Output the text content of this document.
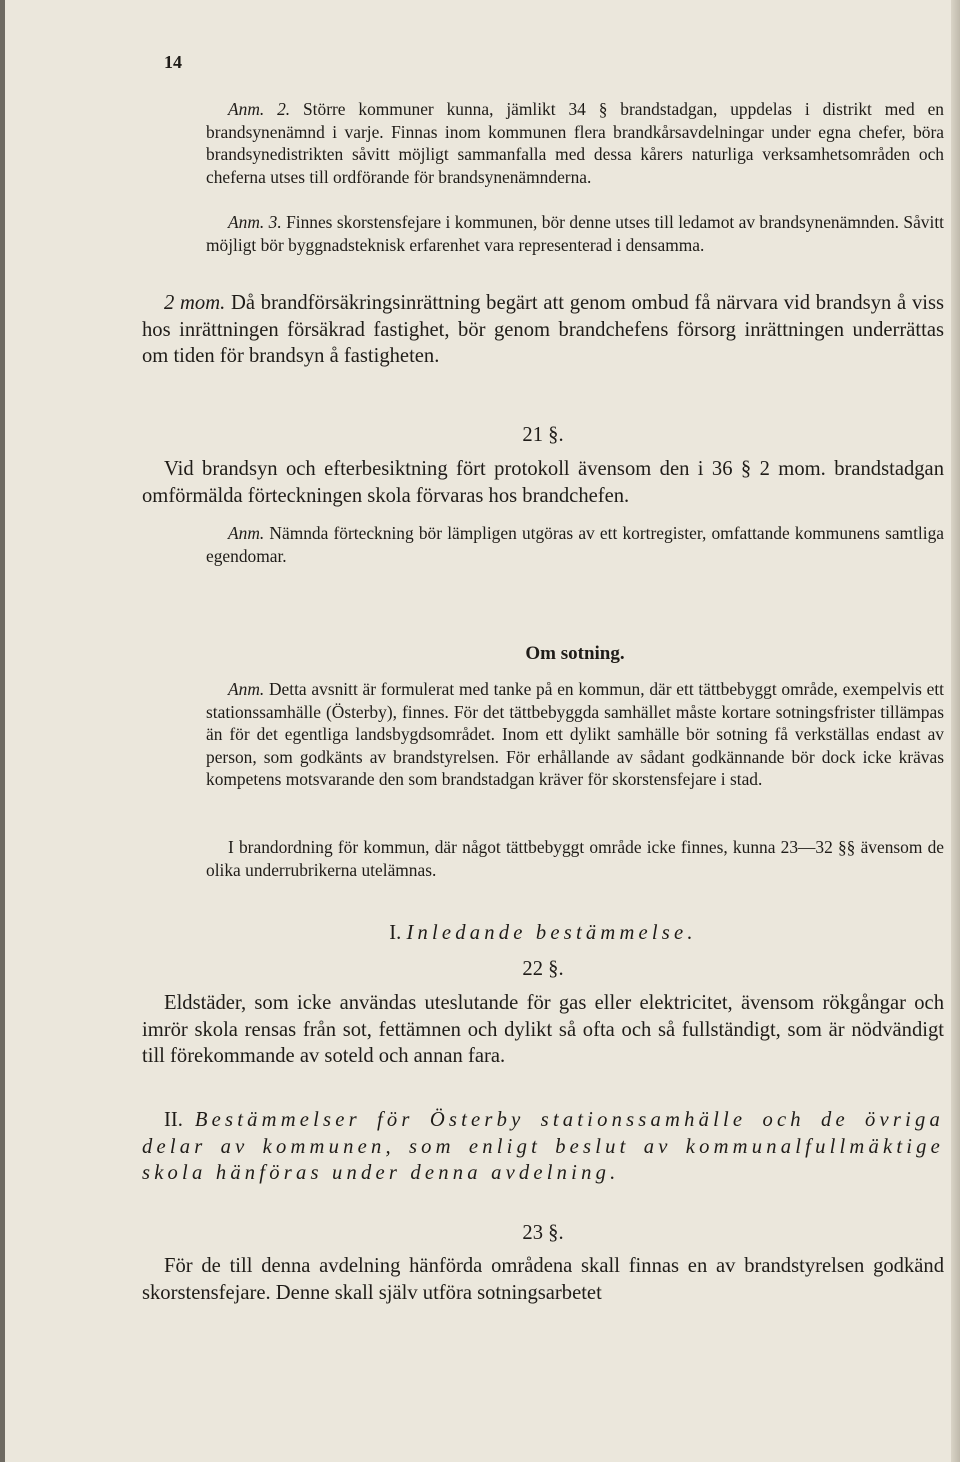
14

Anm. 2. Större kommuner kunna, jämlikt 34 § brandstadgan, uppdelas i distrikt med en brandsynenämnd i varje. Finnas inom kommunen flera brandkårsavdelningar under egna chefer, böra brandsynedistrikten såvitt möjligt sammanfalla med dessa kårers naturliga verksamhetsområden och cheferna utses till ordförande för brandsynenämnderna.

Anm. 3. Finnes skorstensfejare i kommunen, bör denne utses till ledamot av brandsynenämnden. Såvitt möjligt bör byggnadsteknisk erfarenhet vara representerad i densamma.

2 mom. Då brandförsäkringsinrättning begärt att genom ombud få närvara vid brandsyn å viss hos inrättningen försäkrad fastighet, bör genom brandchefens försorg inrättningen underrättas om tiden för brandsyn å fastigheten.

21 §.

Vid brandsyn och efterbesiktning fört protokoll ävensom den i 36 § 2 mom. brandstadgan omförmälda förteckningen skola förvaras hos brandchefen.

Anm. Nämnda förteckning bör lämpligen utgöras av ett kortregister, omfattande kommunens samtliga egendomar.

Om sotning.

Anm. Detta avsnitt är formulerat med tanke på en kommun, där ett tättbebyggt område, exempelvis ett stationssamhälle (Österby), finnes. För det tättbebyggda samhället måste kortare sotningsfrister tillämpas än för det egentliga landsbygdsområdet. Inom ett dylikt samhälle bör sotning få verkställas endast av person, som godkänts av brandstyrelsen. För erhållande av sådant godkännande bör dock icke krävas kompetens motsvarande den som brandstadgan kräver för skorstensfejare i stad.

I brandordning för kommun, där något tättbebyggt område icke finnes, kunna 23—32 §§ ävensom de olika underrubrikerna utelämnas.

I. Inledande bestämmelse.
22 §.

Eldstäder, som icke användas uteslutande för gas eller elektricitet, ävensom rökgångar och imrör skola rensas från sot, fettämnen och dylikt så ofta och så fullständigt, som är nödvändigt till förekommande av soteld och annan fara.

II. Bestämmelser för Österby stationssamhälle och de övriga delar av kommunen, som enligt beslut av kommunalfullmäktige skola hänföras under denna avdelning.

23 §.

För de till denna avdelning hänförda områdena skall finnas en av brandstyrelsen godkänd skorstensfejare. Denne skall själv utföra sotningsarbetet
